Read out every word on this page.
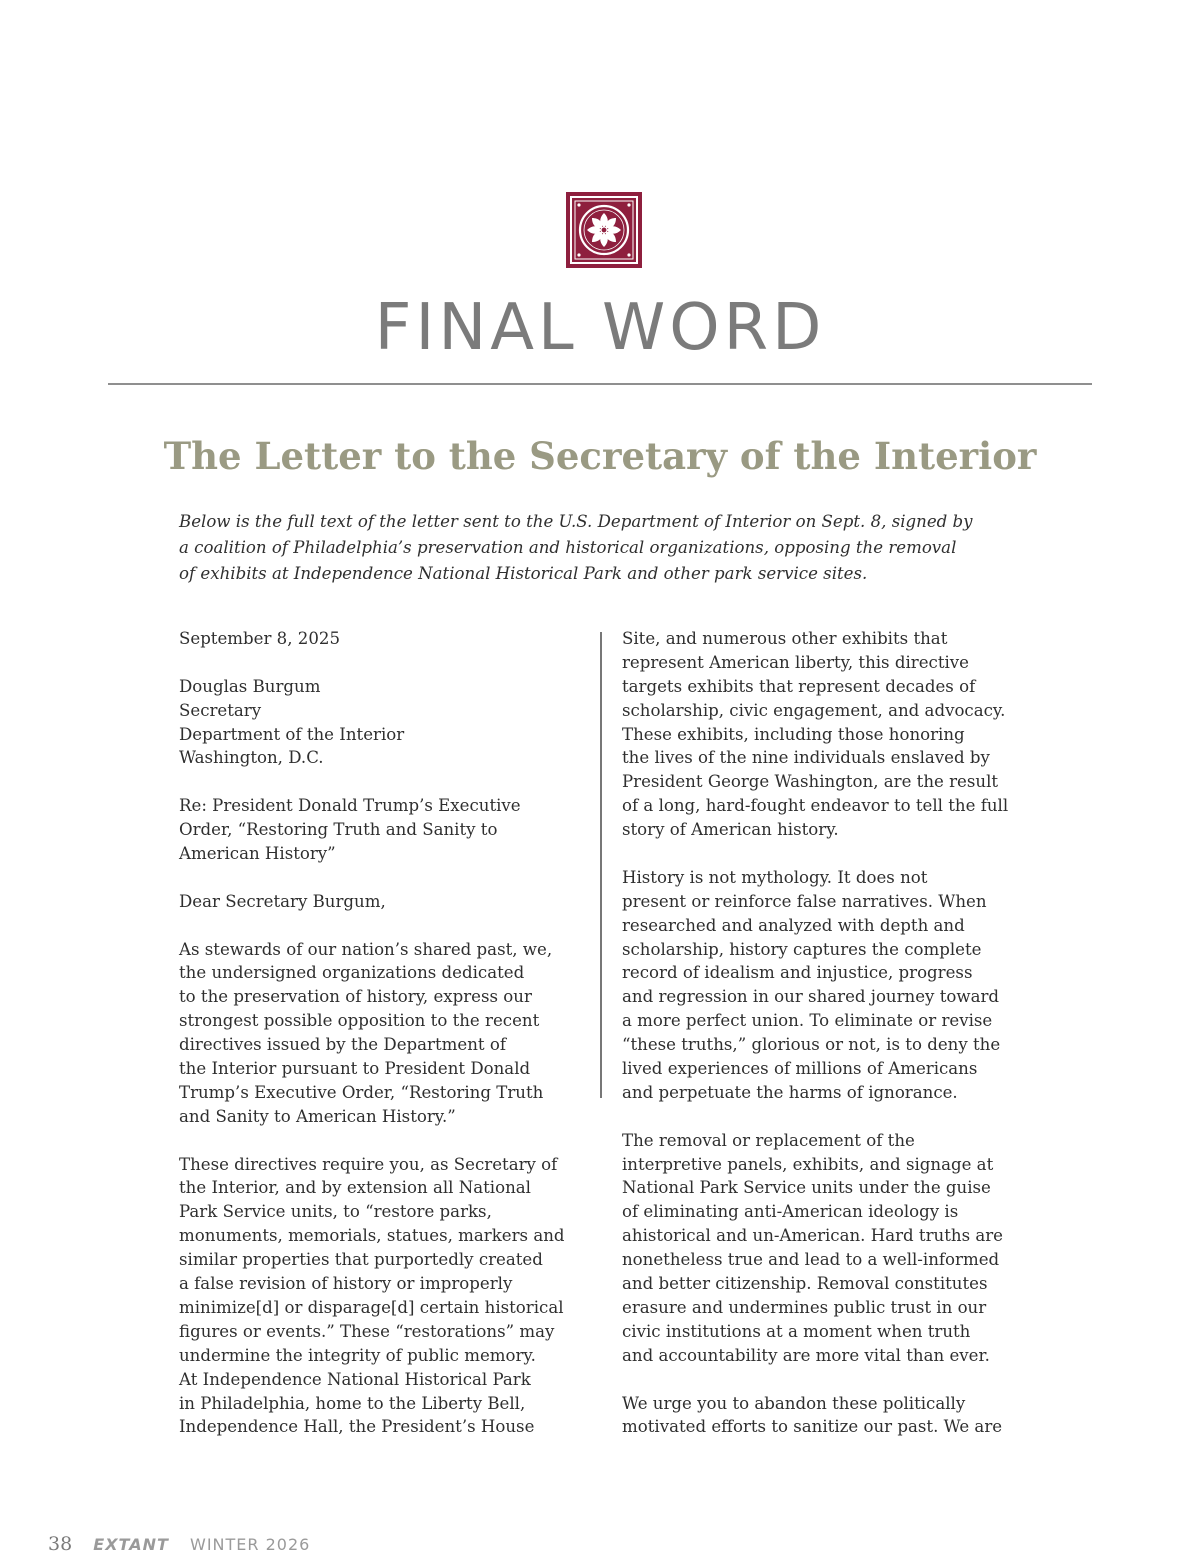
FINAL WORD
The Letter to the Secretary of the Interior
Below is the full text of the letter sent to the U.S. Department of Interior on Sept. 8, signed by
a coalition of Philadelphia’s preservation and historical organizations, opposing the removal
of exhibits at Independence National Historical Park and other park service sites.
September 8, 2025
Douglas Burgum
Secretary
Department of the Interior
Washington, D.C.
Re: President Donald Trump’s Executive
Order, “Restoring Truth and Sanity to
American History”
Dear Secretary Burgum,
As stewards of our nation’s shared past, we,
the undersigned organizations dedicated
to the preservation of history, express our
strongest possible opposition to the recent
directives issued by the Department of
the Interior pursuant to President Donald
Trump’s Executive Order, “Restoring Truth
and Sanity to American History.”
These directives require you, as Secretary of
the Interior, and by extension all National
Park Service units, to “restore parks,
monuments, memorials, statues, markers and
similar properties that purportedly created
a false revision of history or improperly
minimize[d] or disparage[d] certain historical
figures or events.” These “restorations” may
undermine the integrity of public memory.
At Independence National Historical Park
in Philadelphia, home to the Liberty Bell,
Independence Hall, the President’s House
Site, and numerous other exhibits that
represent American liberty, this directive
targets exhibits that represent decades of
scholarship, civic engagement, and advocacy.
These exhibits, including those honoring
the lives of the nine individuals enslaved by
President George Washington, are the result
of a long, hard-fought endeavor to tell the full
story of American history.
History is not mythology. It does not
present or reinforce false narratives. When
researched and analyzed with depth and
scholarship, history captures the complete
record of idealism and injustice, progress
and regression in our shared journey toward
a more perfect union. To eliminate or revise
“these truths,” glorious or not, is to deny the
lived experiences of millions of Americans
and perpetuate the harms of ignorance.
The removal or replacement of the
interpretive panels, exhibits, and signage at
National Park Service units under the guise
of eliminating anti-American ideology is
ahistorical and un-American. Hard truths are
nonetheless true and lead to a well-informed
and better citizenship. Removal constitutes
erasure and undermines public trust in our
civic institutions at a moment when truth
and accountability are more vital than ever.
We urge you to abandon these politically
motivated efforts to sanitize our past. We are
38 EXTANT WINTER 2026
